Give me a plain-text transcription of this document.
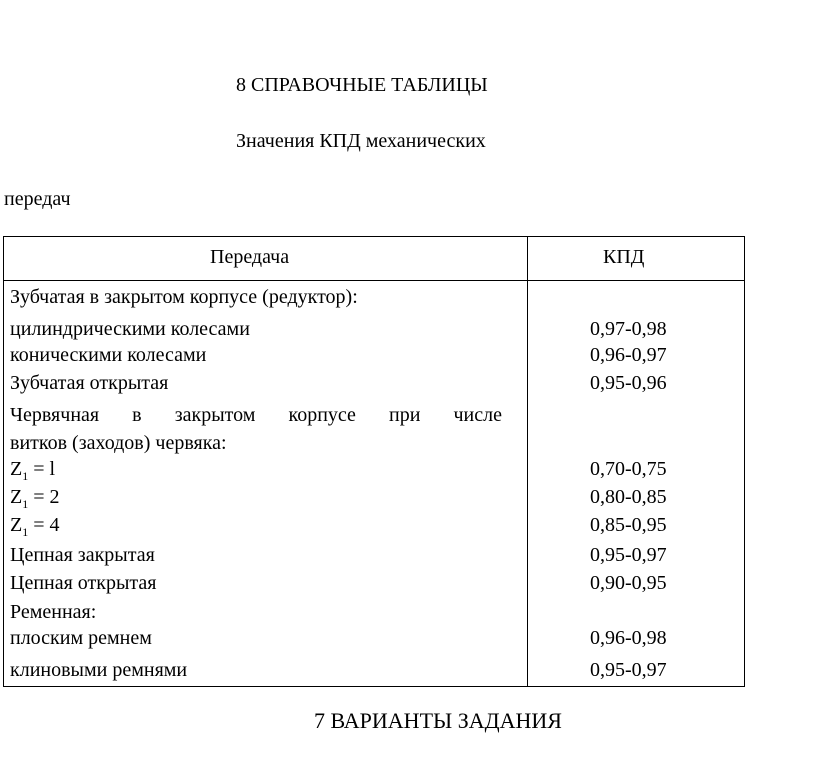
8 СПРАВОЧНЫЕ ТАБЛИЦЫ
Значения КПД механических
передач
Передача	КПД
Зубчатая в закрытом корпусе (редуктор):
цилиндрическими колесами	0,97-0,98
коническими колесами	0,96-0,97
Зубчатая открытая	0,95-0,96
Червячная в закрытом корпусе при числе
витков (заходов) червяка:
$Z_1 = l$	0,70-0,75
$Z_1 = 2$	0,80-0,85
$Z_1 = 4$	0,85-0,95
Цепная закрытая	0,95-0,97
Цепная открытая	0,90-0,95
Ременная:
плоским ремнем	0,96-0,98
клиновыми ремнями	0,95-0,97
7 ВАРИАНТЫ ЗАДАНИЯ
